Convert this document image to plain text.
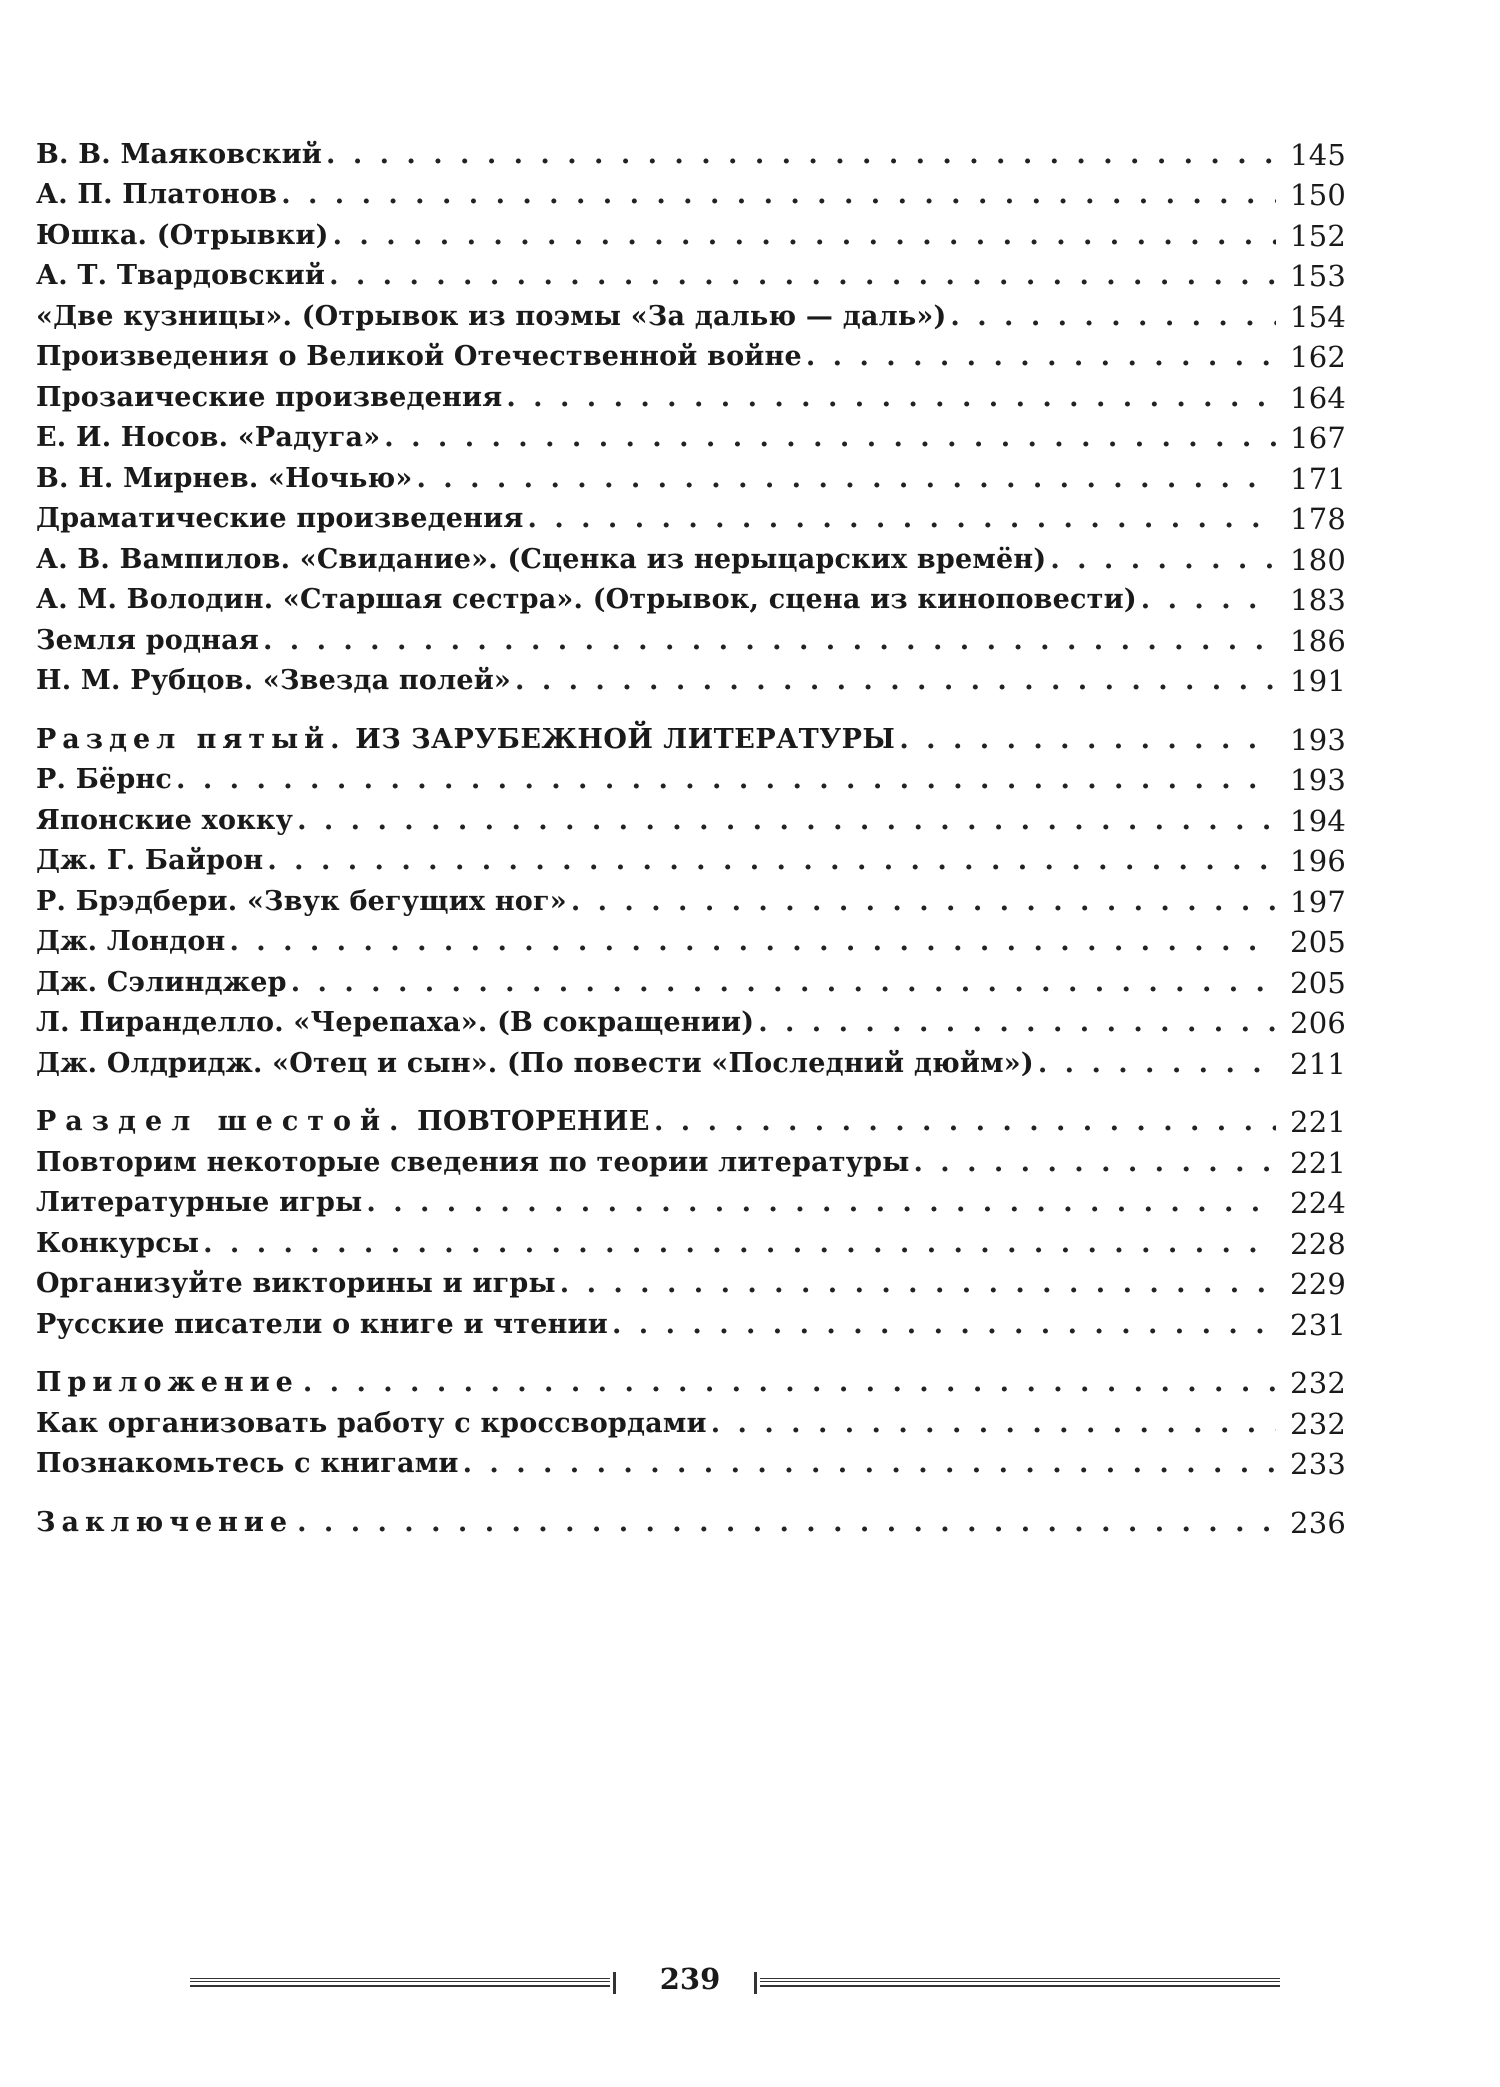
В. В. Маяковский . . .	145
А. П. Платонов . . .	150
Юшка. (Отрывки) . . .	152
А. Т. Твардовский . . .	153
«Две кузницы». (Отрывок из поэмы «За далью — даль») . . .	154
Произведения о Великой Отечественной войне . . .	162
Прозаические произведения . . .	164
Е. И. Носов. «Радуга» . . .	167
В. Н. Мирнев. «Ночью» . . .	171
Драматические произведения . . .	178
А. В. Вампилов. «Свидание». (Сценка из нерыцарских времён) . . .	180
А. М. Володин. «Старшая сестра». (Отрывок, сцена из киноповести) . . .	183
Земля родная . . .	186
Н. М. Рубцов. «Звезда полей» . . .	191
Раздел пятый. ИЗ ЗАРУБЕЖНОЙ ЛИТЕРАТУРЫ . . .	193
Р. Бёрнс . . .	193
Японские хокку . . .	194
Дж. Г. Байрон . . .	196
Р. Брэдбери. «Звук бегущих ног» . . .	197
Дж. Лондон . . .	205
Дж. Сэлинджер . . .	205
Л. Пиранделло. «Черепаха». (В сокращении) . . .	206
Дж. Олдридж. «Отец и сын». (По повести «Последний дюйм») . . .	211
Раздел шестой. ПОВТОРЕНИЕ . . .	221
Повторим некоторые сведения по теории литературы . . .	221
Литературные игры . . .	224
Конкурсы . . .	228
Организуйте викторины и игры . . .	229
Русские писатели о книге и чтении . . .	231
Приложение . . .	232
Как организовать работу с кроссвордами . . .	232
Познакомьтесь с книгами . . .	233
Заключение . . .	236
239
